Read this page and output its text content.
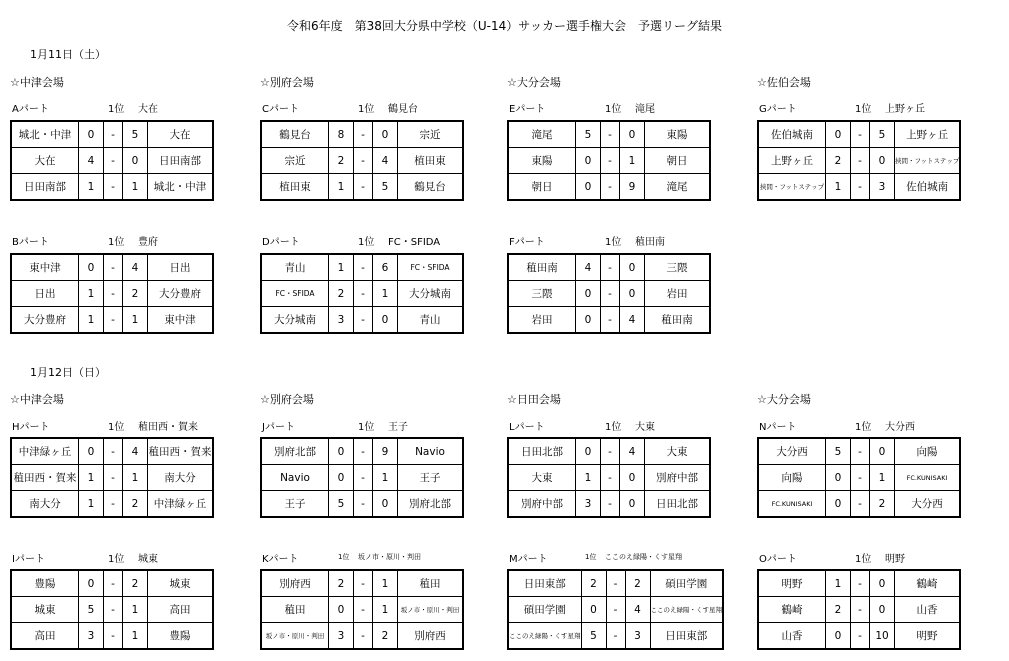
令和6年度　第38回大分県中学校（U-14）サッカー選手権大会　予選リーグ結果
1月11日（土）
☆中津会場
Aパート	1位 大在
城北・中津	0	-	5	大在
大在	4	-	0	日田南部
日田南部	1	-	1	城北・中津
Bパート	1位 豊府
東中津	0	-	4	日出
日出	1	-	2	大分豊府
大分豊府	1	-	1	東中津
☆別府会場
Cパート	1位 鶴見台
鶴見台	8	-	0	宗近
宗近	2	-	4	植田東
植田東	1	-	5	鶴見台
Dパート	1位 FC・SFIDA
青山	1	-	6	FC・SFIDA
FC・SFIDA	2	-	1	大分城南
大分城南	3	-	0	青山
☆大分会場
Eパート	1位 滝尾
滝尾	5	-	0	東陽
東陽	0	-	1	朝日
朝日	0	-	9	滝尾
Fパート	1位 稙田南
稙田南	4	-	0	三隈
三隈	0	-	0	岩田
岩田	0	-	4	稙田南
☆佐伯会場
Gパート	1位 上野ヶ丘
佐伯城南	0	-	5	上野ヶ丘
上野ヶ丘	2	-	0	挾間・フットステップ
挾間・フットステップ	1	-	3	佐伯城南
1月12日（日）
☆中津会場
Hパート	1位 稙田西・賀来
中津緑ヶ丘	0	-	4	稙田西・賀来
稙田西・賀来	1	-	1	南大分
南大分	1	-	2	中津緑ヶ丘
Iパート	1位 城東
豊陽	0	-	2	城東
城東	5	-	1	高田
高田	3	-	1	豊陽
☆別府会場
Jパート	1位 王子
別府北部	0	-	9	Navio
Navio	0	-	1	王子
王子	5	-	0	別府北部
Kパート	1位 坂ノ市・原川・判田
別府西	2	-	1	稙田
稙田	0	-	1	坂ノ市・原川・判田
坂ノ市・原川・判田	3	-	2	別府西
☆日田会場
Lパート	1位 大東
日田北部	0	-	4	大東
大東	1	-	0	別府中部
別府中部	3	-	0	日田北部
Mパート	1位 ここのえ緑陽・くす星翔
日田東部	2	-	2	碩田学園
碩田学園	0	-	4	ここのえ緑陽・くす星翔
ここのえ緑陽・くす星翔	5	-	3	日田東部
☆大分会場
Nパート	1位 大分西
大分西	5	-	0	向陽
向陽	0	-	1	FC.KUNISAKI
FC.KUNISAKI	0	-	2	大分西
Oパート	1位 明野
明野	1	-	0	鶴崎
鶴崎	2	-	0	山香
山香	0	-	10	明野
